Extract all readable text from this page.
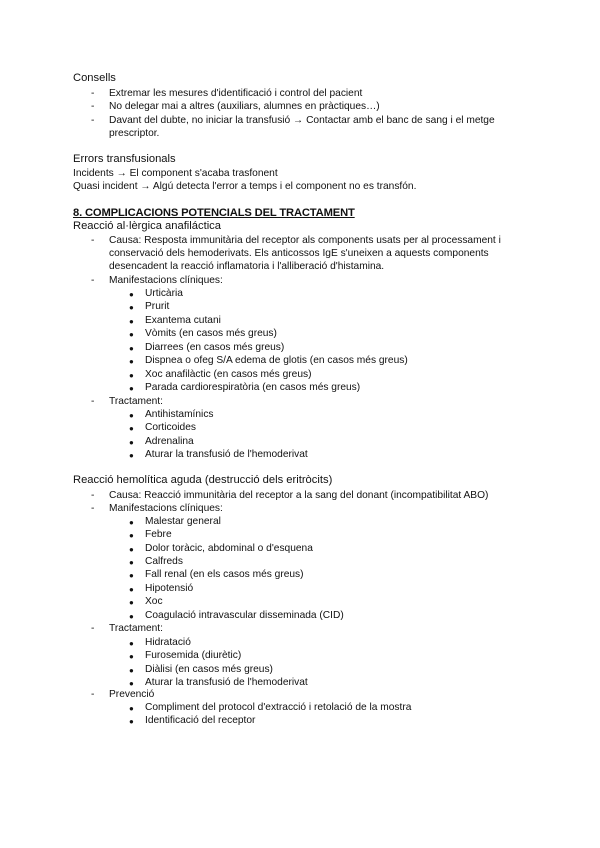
Consells
- Extremar les mesures d'identificació i control del pacient
- No delegar mai a altres (auxiliars, alumnes en pràctiques…)
- Davant del dubte, no iniciar la transfusió → Contactar amb el banc de sang i el metge
prescriptor.
Errors transfusionals
Incidents → El component s'acaba trasfonent
Quasi incident → Algú detecta l'error a temps i el component no es transfón.
8. COMPLICACIONS POTENCIALS DEL TRACTAMENT
Reacció al·lèrgica anafiláctica
- Causa: Resposta immunitària del receptor als components usats per al processament i
conservació dels hemoderivats. Els anticossos IgE s'uneixen a aquests components
desencadent la reacció inflamatoria i l'alliberació d'histamina.
- Manifestacions clíniques:
● Urticària
● Prurit
● Exantema cutani
● Vòmits (en casos més greus)
● Diarrees (en casos més greus)
● Dispnea o ofeg S/A edema de glotis (en casos més greus)
● Xoc anafilàctic (en casos més greus)
● Parada cardiorespiratòria (en casos més greus)
- Tractament:
● Antihistamínics
● Corticoides
● Adrenalina
● Aturar la transfusió de l'hemoderivat
Reacció hemolítica aguda (destrucció dels eritròcits)
- Causa: Reacció immunitària del receptor a la sang del donant (incompatibilitat ABO)
- Manifestacions clíniques:
● Malestar general
● Febre
● Dolor toràcic, abdominal o d'esquena
● Calfreds
● Fall renal (en els casos més greus)
● Hipotensió
● Xoc
● Coagulació intravascular disseminada (CID)
- Tractament:
● Hidratació
● Furosemida (diurètic)
● Diàlisi (en casos més greus)
● Aturar la transfusió de l'hemoderivat
- Prevenció
● Compliment del protocol d'extracció i retolació de la mostra
● Identificació del receptor
